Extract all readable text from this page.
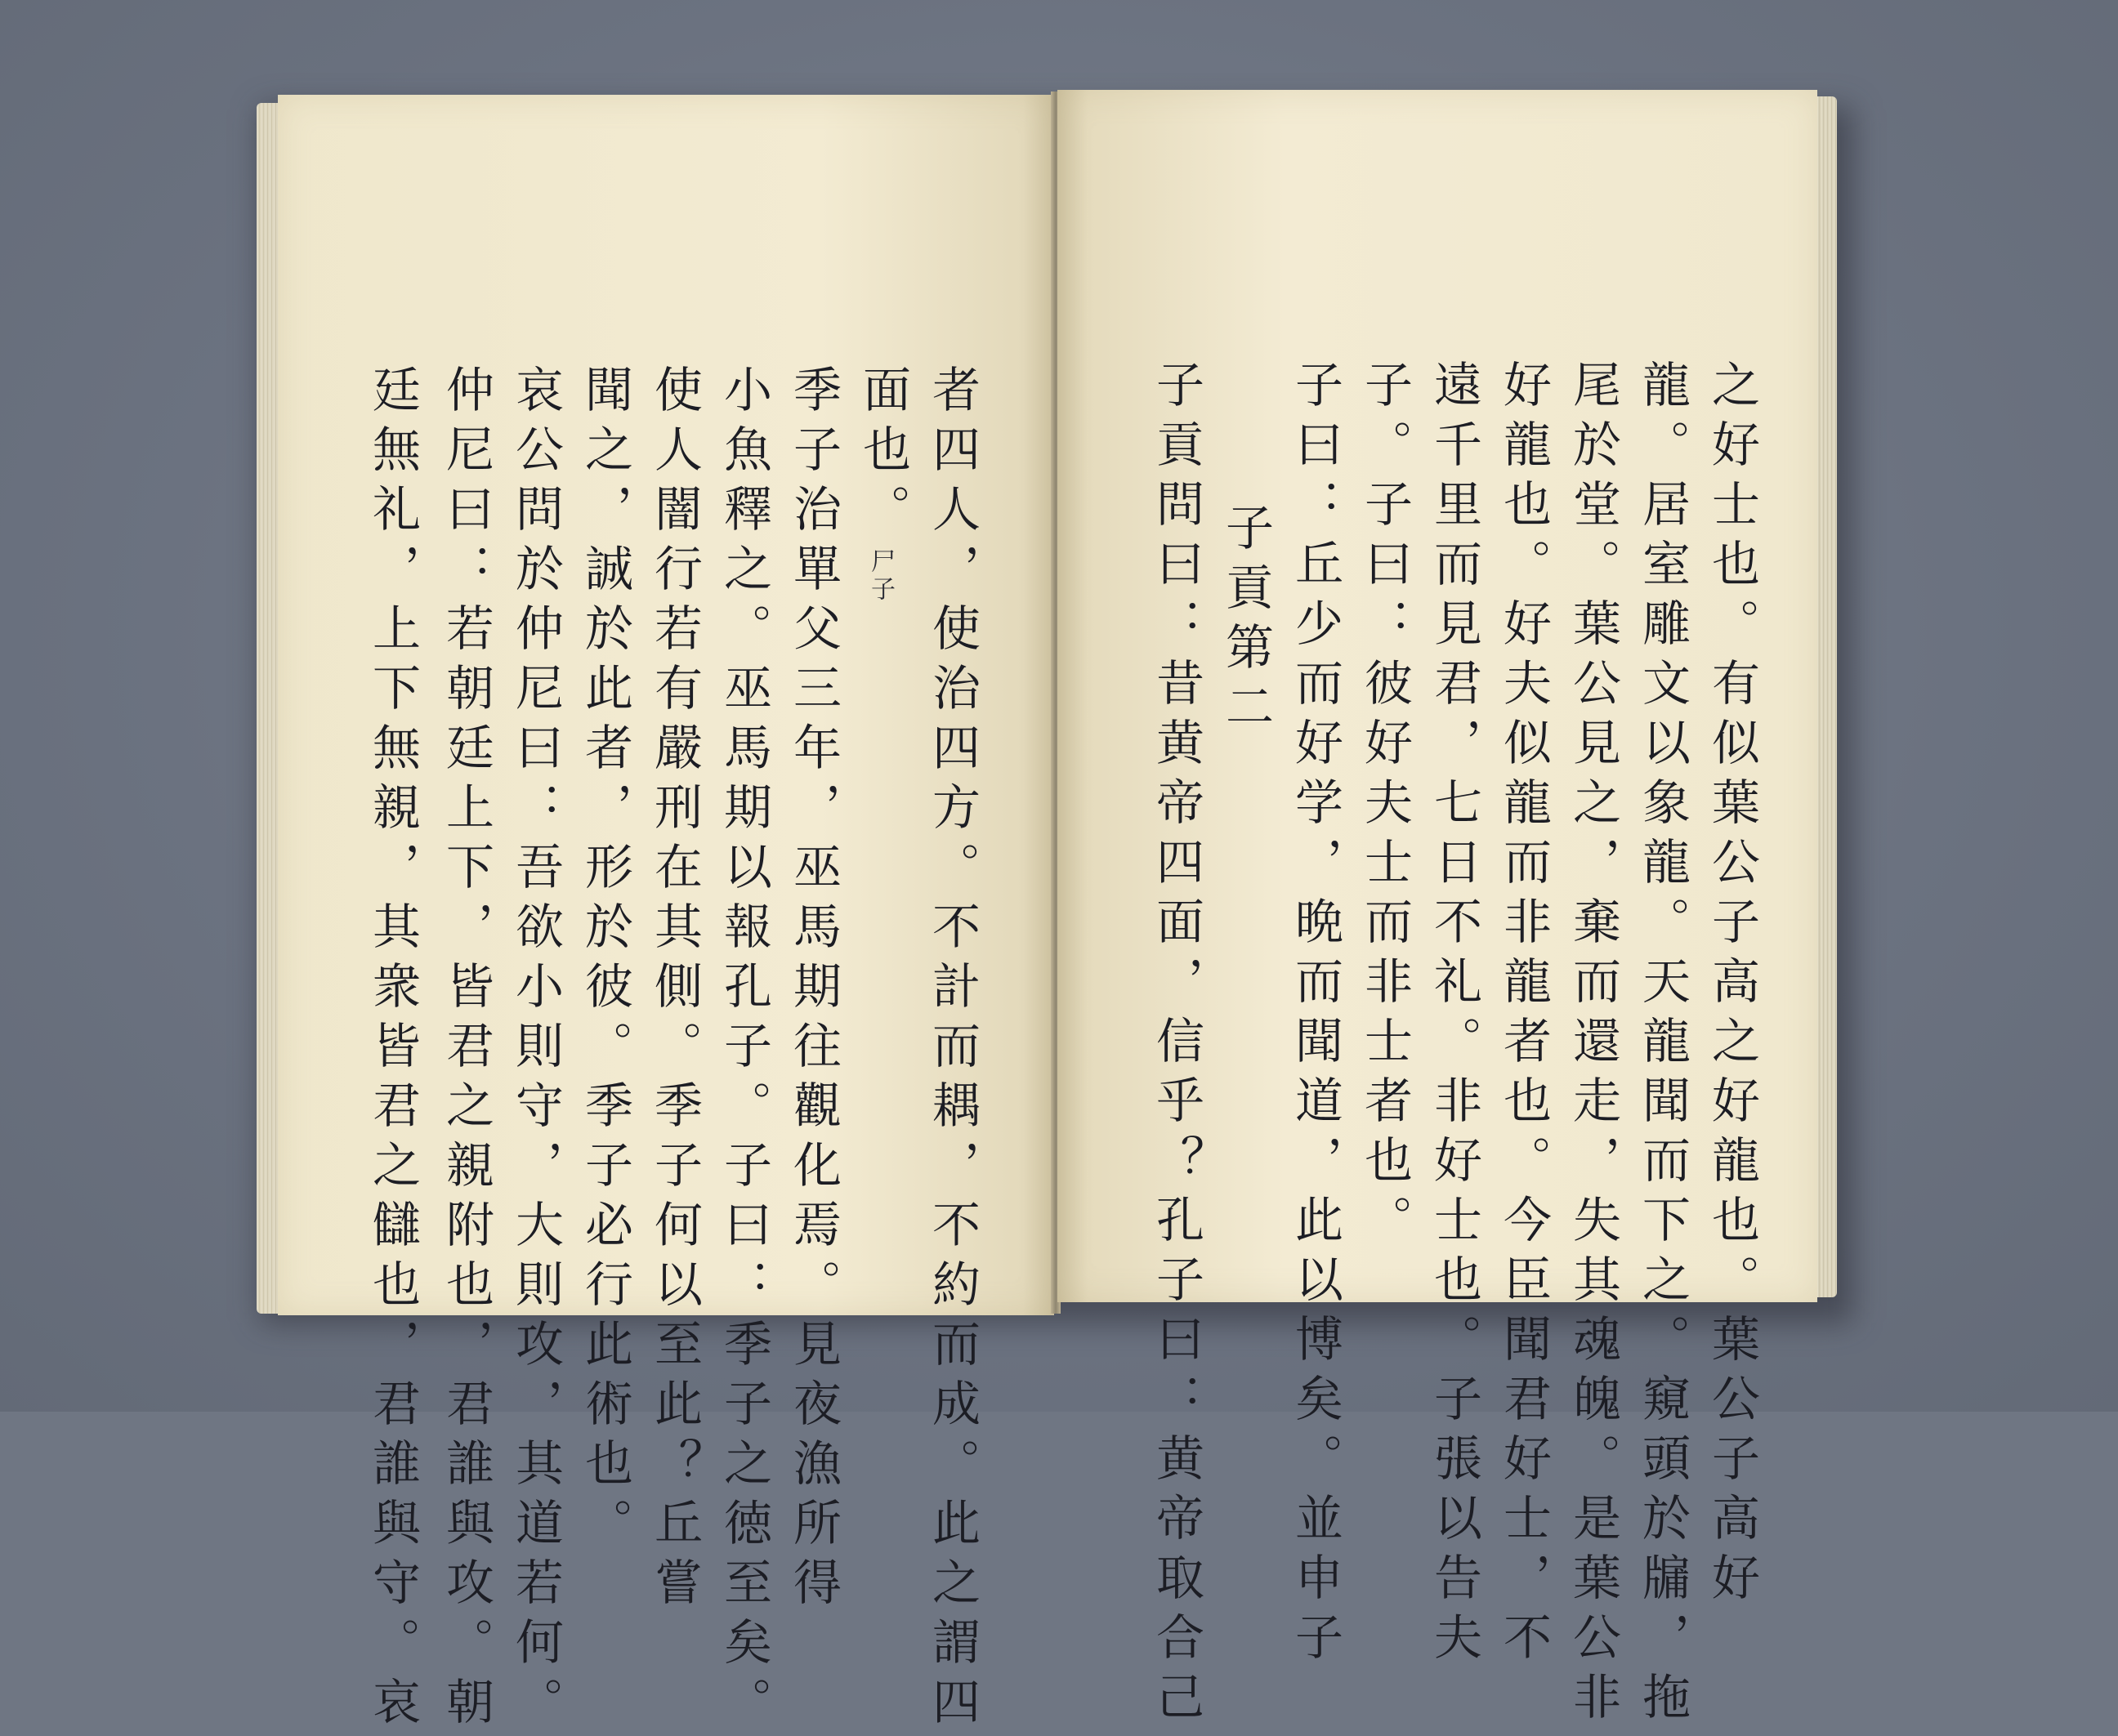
者四人，使治四方。不計而耦，不約而成。此之謂四
面也。
尸子
季子治單父三年，巫馬期往觀化焉。見夜漁所得
小魚釋之。巫馬期以報孔子。子曰：季子之徳至矣。
使人闇行若有嚴刑在其側。季子何以至此？丘嘗
聞之，誠於此者，形於彼。季子必行此術也。
哀公問於仲尼曰：吾欲小則守，大則攻，其道若何。
仲尼曰：若朝廷上下，皆君之親附也，君誰與攻。朝
廷無礼，上下無親，其衆皆君之讎也，君誰與守。哀	之好士也。有似葉公子高之好龍也。葉公子高好
龍。居室雕文以象龍。天龍聞而下之。窺頭於牖，拖
尾於堂。葉公見之，棄而還走，失其魂魄。是葉公非
好龍也。好夫似龍而非龍者也。今臣聞君好士，不
遠千里而見君，七日不礼。非好士也。子張以告夫
子。子曰：彼好夫士而非士者也。
子曰：丘少而好学，晩而聞道，此以博矣。並申子
子貢第二
子貢問曰：昔黄帝四面，信乎？孔子曰：黄帝取合己
